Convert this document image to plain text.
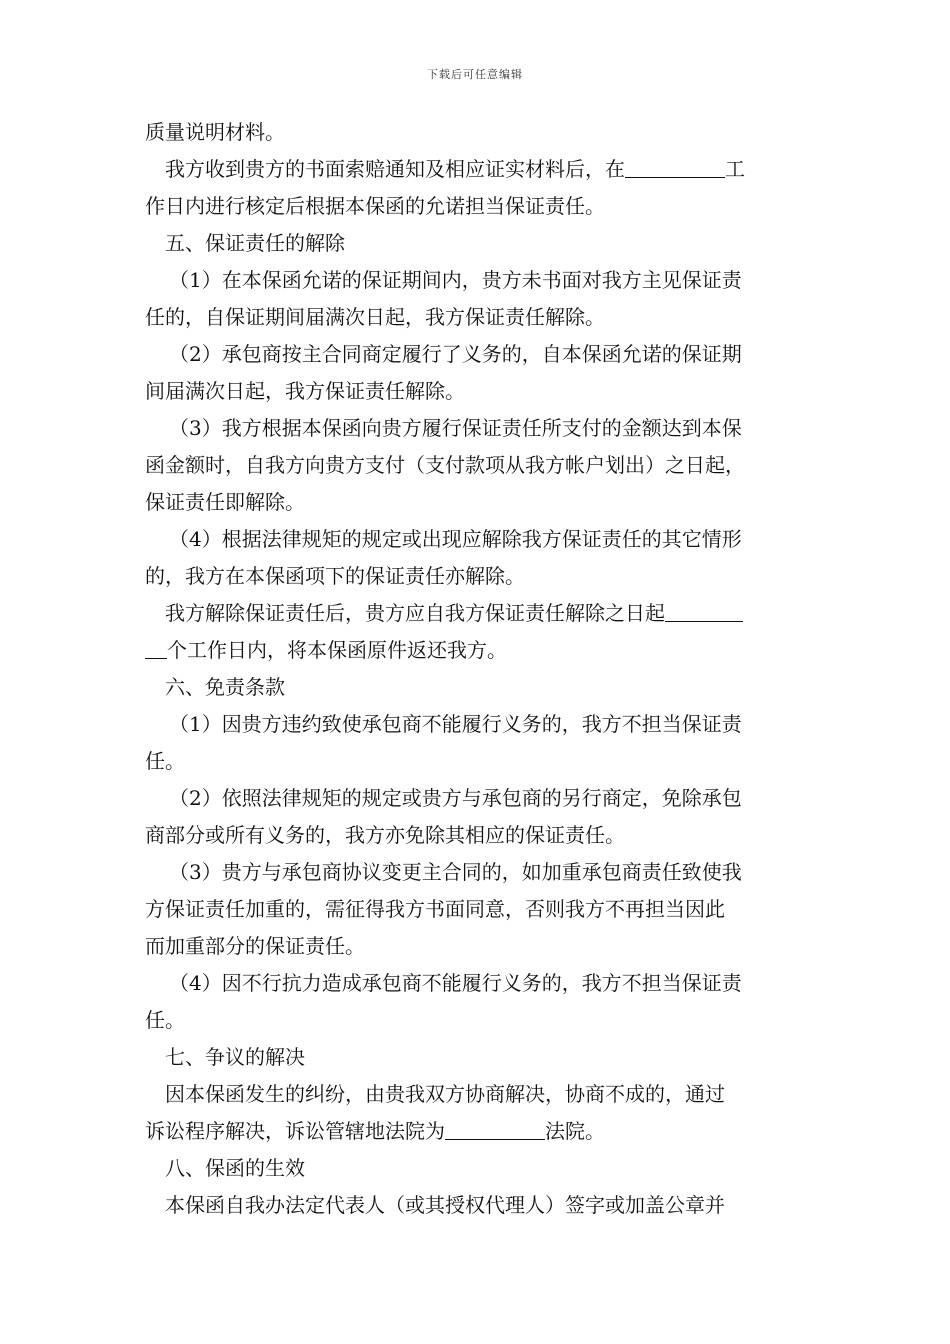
下载后可任意编辑
质量说明材料。
我方收到贵方的书面索赔通知及相应证实材料后，在	工
作日内进行核定后根据本保函的允诺担当保证责任。
五、保证责任的解除
（1）在本保函允诺的保证期间内，贵方未书面对我方主见保证责
任的，自保证期间届满次日起，我方保证责任解除。
（2）承包商按主合同商定履行了义务的，自本保函允诺的保证期
间届满次日起，我方保证责任解除。
（3）我方根据本保函向贵方履行保证责任所支付的金额达到本保
函金额时，自我方向贵方支付（支付款项从我方帐户划出）之日起，
保证责任即解除。
（4）根据法律规矩的规定或出现应解除我方保证责任的其它情形
的，我方在本保函项下的保证责任亦解除。
我方解除保证责任后，贵方应自我方保证责任解除之日起
个工作日内，将本保函原件返还我方。
六、免责条款
（1）因贵方违约致使承包商不能履行义务的，我方不担当保证责
任。
（2）依照法律规矩的规定或贵方与承包商的另行商定，免除承包
商部分或所有义务的，我方亦免除其相应的保证责任。
（3）贵方与承包商协议变更主合同的，如加重承包商责任致使我
方保证责任加重的，需征得我方书面同意，否则我方不再担当因此
而加重部分的保证责任。
（4）因不行抗力造成承包商不能履行义务的，我方不担当保证责
任。
七、争议的解决
因本保函发生的纠纷，由贵我双方协商解决，协商不成的，通过
诉讼程序解决，诉讼管辖地法院为	法院。
八、保函的生效
本保函自我办法定代表人（或其授权代理人）签字或加盖公章并
